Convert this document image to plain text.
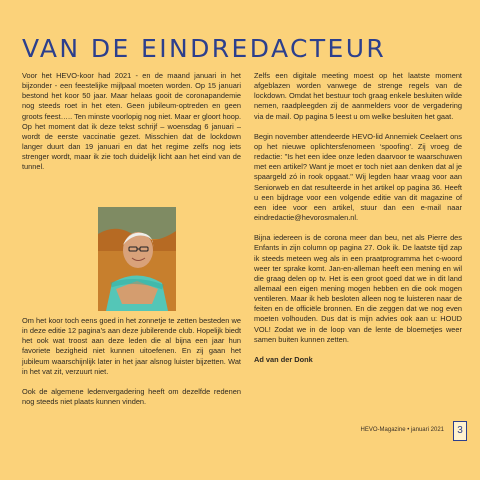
VAN DE EINDREDACTEUR

Voor het HEVO-koor had 2021 - en de maand januari in het bijzonder - een feestelijke mijlpaal moeten worden. Op 15 januari bestond het koor 50 jaar. Maar helaas gooit de coronapandemie nog steeds roet in het eten. Geen jubileum-optreden en geen groots feest….. Ten minste voorlopig nog niet. Maar er gloort hoop. Op het moment dat ik deze tekst schrijf – woensdag 6 januari – wordt de eerste vaccinatie gezet. Misschien dat de lockdown langer duurt dan 19 januari en dat het regime zelfs nog iets strenger wordt, maar ik zie toch duidelijk licht aan het eind van de tunnel.

Om het koor toch eens goed in het zonnetje te zetten besteden we in deze editie 12 pagina’s aan deze jubilerende club. Hopelijk biedt het ook wat troost aan deze leden die al bijna een jaar hun favoriete bezigheid niet kunnen uitoefenen. En zij gaan het jubileum waarschijnlijk later in het jaar alsnog luister bijzetten. Wat in het vat zit, verzuurt niet.

Ook de algemene ledenvergadering heeft om dezelfde redenen nog steeds niet plaats kunnen vinden.

Zelfs een digitale meeting moest op het laatste moment afgeblazen worden vanwege de strenge regels van de lockdown. Omdat het bestuur toch graag enkele besluiten wilde nemen, raadpleegden zij de aanmelders voor de vergadering via de mail. Op pagina 5 leest u om welke besluiten het gaat.

Begin november attendeerde HEVO-lid Annemiek Ceelaert ons op het nieuwe oplichtersfenomeen ‘spoofing’. Zij vroeg de redactie: "Is het een idee onze leden daarvoor te waarschuwen met een artikel? Want je moet er toch niet aan denken dat al je spaargeld zó in rook opgaat." Wij legden haar vraag voor aan Seniorweb en dat resulteerde in het artikel op pagina 36. Heeft u een bijdrage voor een volgende editie van dit magazine of een idee voor een artikel, stuur dan een e-mail naar eindredactie@hevorosmalen.nl.

Bijna iedereen is de corona meer dan beu, net als Pierre des Enfants in zijn column op pagina 27. Ook ik. De laatste tijd zap ik steeds meteen weg als in een praatprogramma het c-woord weer ter sprake komt. Jan-en-alleman heeft een mening en wil die graag delen op tv. Het is een groot goed dat we in dit land allemaal een eigen mening mogen hebben en die ook mogen ventileren. Maar ik heb besloten alleen nog te luisteren naar de feiten en de officiële bronnen. En die zeggen dat we nog even moeten volhouden. Dus dat is mijn advies ook aan u: HOUD VOL! Zodat we in de loop van de lente de bloemetjes weer samen buiten kunnen zetten.

Ad van der Donk

HEVO-Magazine • januari 2021	3
